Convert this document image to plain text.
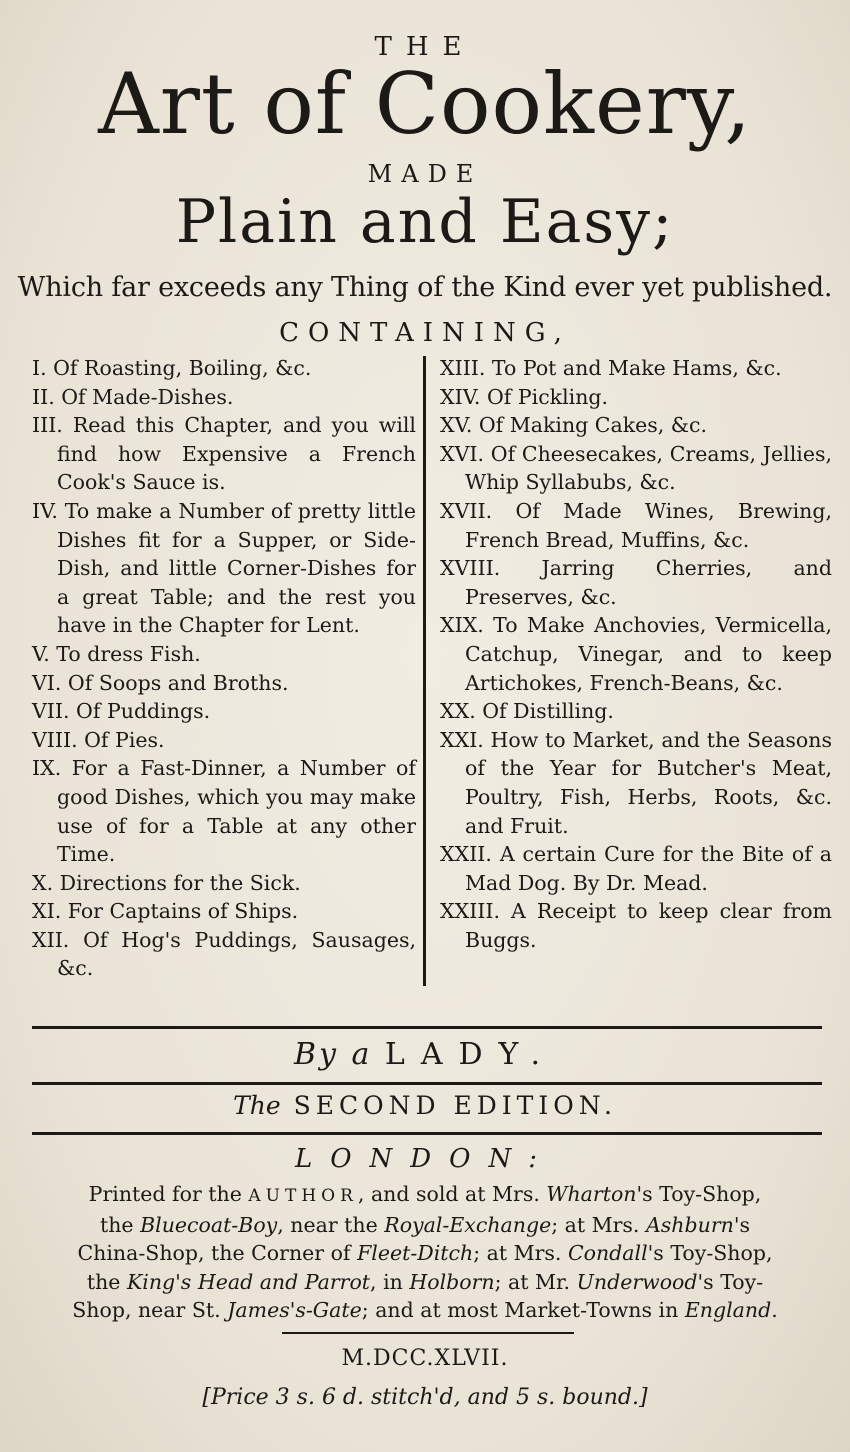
THE
Art of Cookery,
MADE
Plain and Easy;
Which far exceeds any Thing of the Kind ever yet published.
CONTAINING,

I. Of Roasting, Boiling, &c.

II. Of Made-Dishes.

III. Read this Chapter, and you will find how Expensive a French Cook's Sauce is.

IV. To make a Number of pretty little Dishes fit for a Supper, or Side-Dish, and little Corner-Dishes for a great Table; and the rest you have in the Chapter for Lent.

V. To dress Fish.

VI. Of Soops and Broths.

VII. Of Puddings.

VIII. Of Pies.

IX. For a Fast-Dinner, a Number of good Dishes, which you may make use of for a Table at any other Time.

X. Directions for the Sick.

XI. For Captains of Ships.

XII. Of Hog's Puddings, Sausages, &c.

XIII. To Pot and Make Hams, &c.

XIV. Of Pickling.

XV. Of Making Cakes, &c.

XVI. Of Cheesecakes, Creams, Jellies, Whip Syllabubs, &c.

XVII. Of Made Wines, Brewing, French Bread, Muffins, &c.

XVIII. Jarring Cherries, and Preserves, &c.

XIX. To Make Anchovies, Vermicella, Catchup, Vinegar, and to keep Artichokes, French-Beans, &c.

XX. Of Distilling.

XXI. How to Market, and the Seasons of the Year for Butcher's Meat, Poultry, Fish, Herbs, Roots, &c. and Fruit.

XXII. A certain Cure for the Bite of a Mad Dog. By Dr. Mead.

XXIII. A Receipt to keep clear from Buggs.

By a LADY.
The SECOND EDITION.
LONDON:
Printed for the AUTHOR, and sold at Mrs. Wharton's Toy-Shop,
the Bluecoat-Boy, near the Royal-Exchange; at Mrs. Ashburn's
China-Shop, the Corner of Fleet-Ditch; at Mrs. Condall's Toy-Shop,
the King's Head and Parrot, in Holborn; at Mr. Underwood's Toy-
Shop, near St. James's-Gate; and at most Market-Towns in England.
M.DCC.XLVII.
[Price 3 s. 6 d. stitch'd, and 5 s. bound.]
